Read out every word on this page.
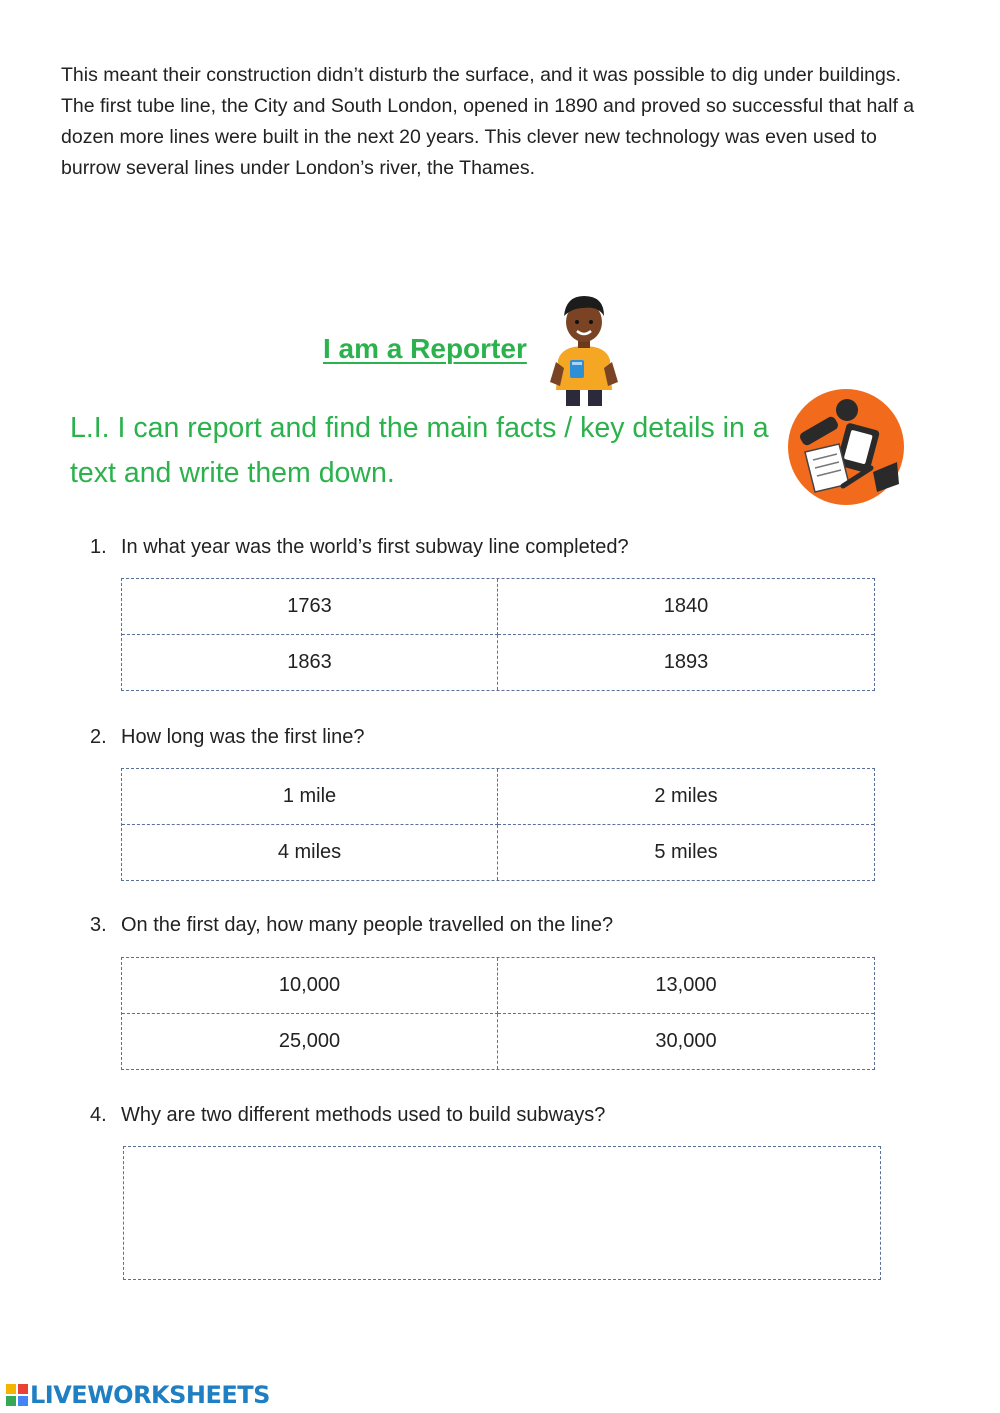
This meant their construction didn’t disturb the surface, and it was possible to dig under buildings. The first tube line, the City and South London, opened in 1890 and proved so successful that half a dozen more lines were built in the next 20 years. This clever new technology was even used to burrow several lines under London’s river, the Thames.

I am a Reporter

L.I. I can report and find the main facts / key details in a text and write them down.

1. In what year was the world’s first subway line completed?
1763	1840
1863	1893
2. How long was the first line?
1 mile	2 miles
4 miles	5 miles
3. On the first day, how many people travelled on the line?
10,000	13,000
25,000	30,000
4. Why are two different methods used to build subways?
LIVEWORKSHEETS
